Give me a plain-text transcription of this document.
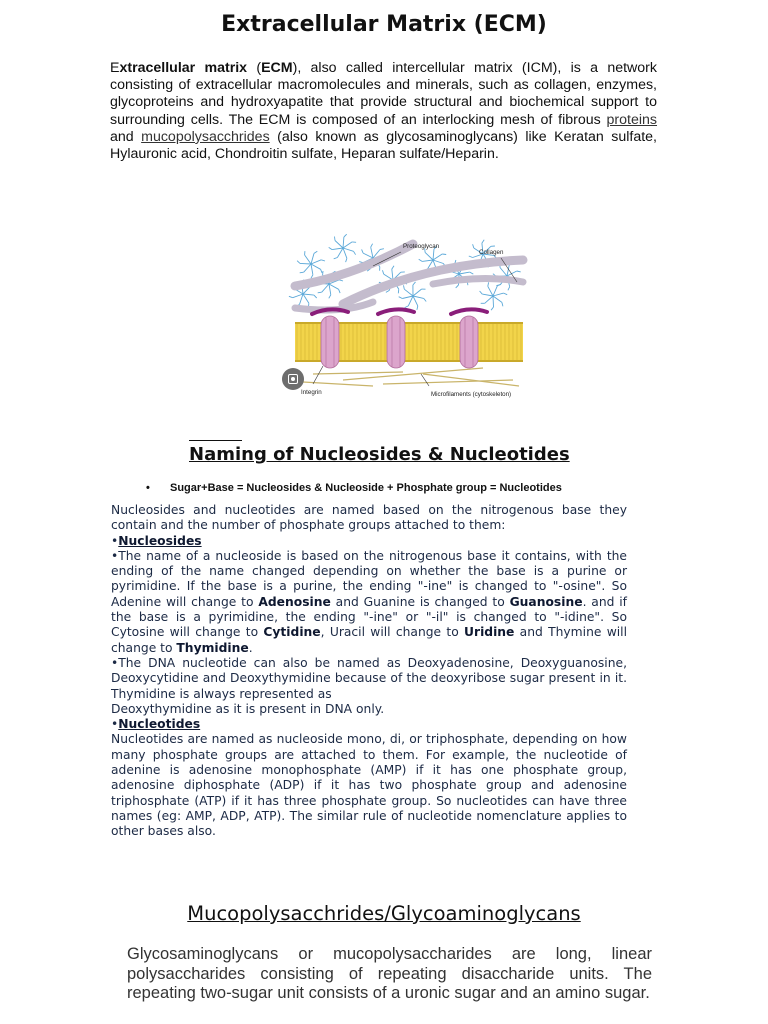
Extracellular Matrix (ECM)
Extracellular matrix (ECM), also called intercellular matrix (ICM), is a network consisting of extracellular macromolecules and minerals, such as collagen, enzymes, glycoproteins and hydroxyapatite that provide structural and biochemical support to surrounding cells. The ECM is composed of an interlocking mesh of fibrous proteins and mucopolysacchrides (also known as glycosaminoglycans) like Keratan sulfate, Hylauronic acid, Chondroitin sulfate, Heparan sulfate/Heparin.
Proteoglycan
Collagen
Integrin	Microfilaments (cytoskeleton)
Naming of Nucleosides & Nucleotides
• Sugar+Base = Nucleosides & Nucleoside + Phosphate group = Nucleotides

Nucleosides and nucleotides are named based on the nitrogenous base they contain and the number of phosphate groups attached to them:

•Nucleosides

•The name of a nucleoside is based on the nitrogenous base it contains, with the ending of the name changed depending on whether the base is a purine or pyrimidine. If the base is a purine, the ending "-ine" is changed to "-osine". So Adenine will change to Adenosine and Guanine is changed to Guanosine. and if the base is a pyrimidine, the ending "-ine" or "-il" is changed to "-idine". So Cytosine will change to Cytidine, Uracil will change to Uridine and Thymine will change to Thymidine.

•The DNA nucleotide can also be named as Deoxyadenosine, Deoxyguanosine, Deoxycytidine and Deoxythymidine because of the deoxyribose sugar present in it. Thymidine is always represented as

Deoxythymidine as it is present in DNA only.

•Nucleotides

Nucleotides are named as nucleoside mono, di, or triphosphate, depending on how many phosphate groups are attached to them. For example, the nucleotide of adenine is adenosine monophosphate (AMP) if it has one phosphate group, adenosine diphosphate (ADP) if it has two phosphate group and adenosine triphosphate (ATP) if it has three phosphate group. So nucleotides can have three names (eg: AMP, ADP, ATP). The similar rule of nucleotide nomenclature applies to other bases also.

Mucopolysacchrides/Glycoaminoglycans
Glycosaminoglycans or mucopolysaccharides are long, linear polysaccharides consisting of repeating disaccharide units. The repeating two-sugar unit consists of a uronic sugar and an amino sugar.
